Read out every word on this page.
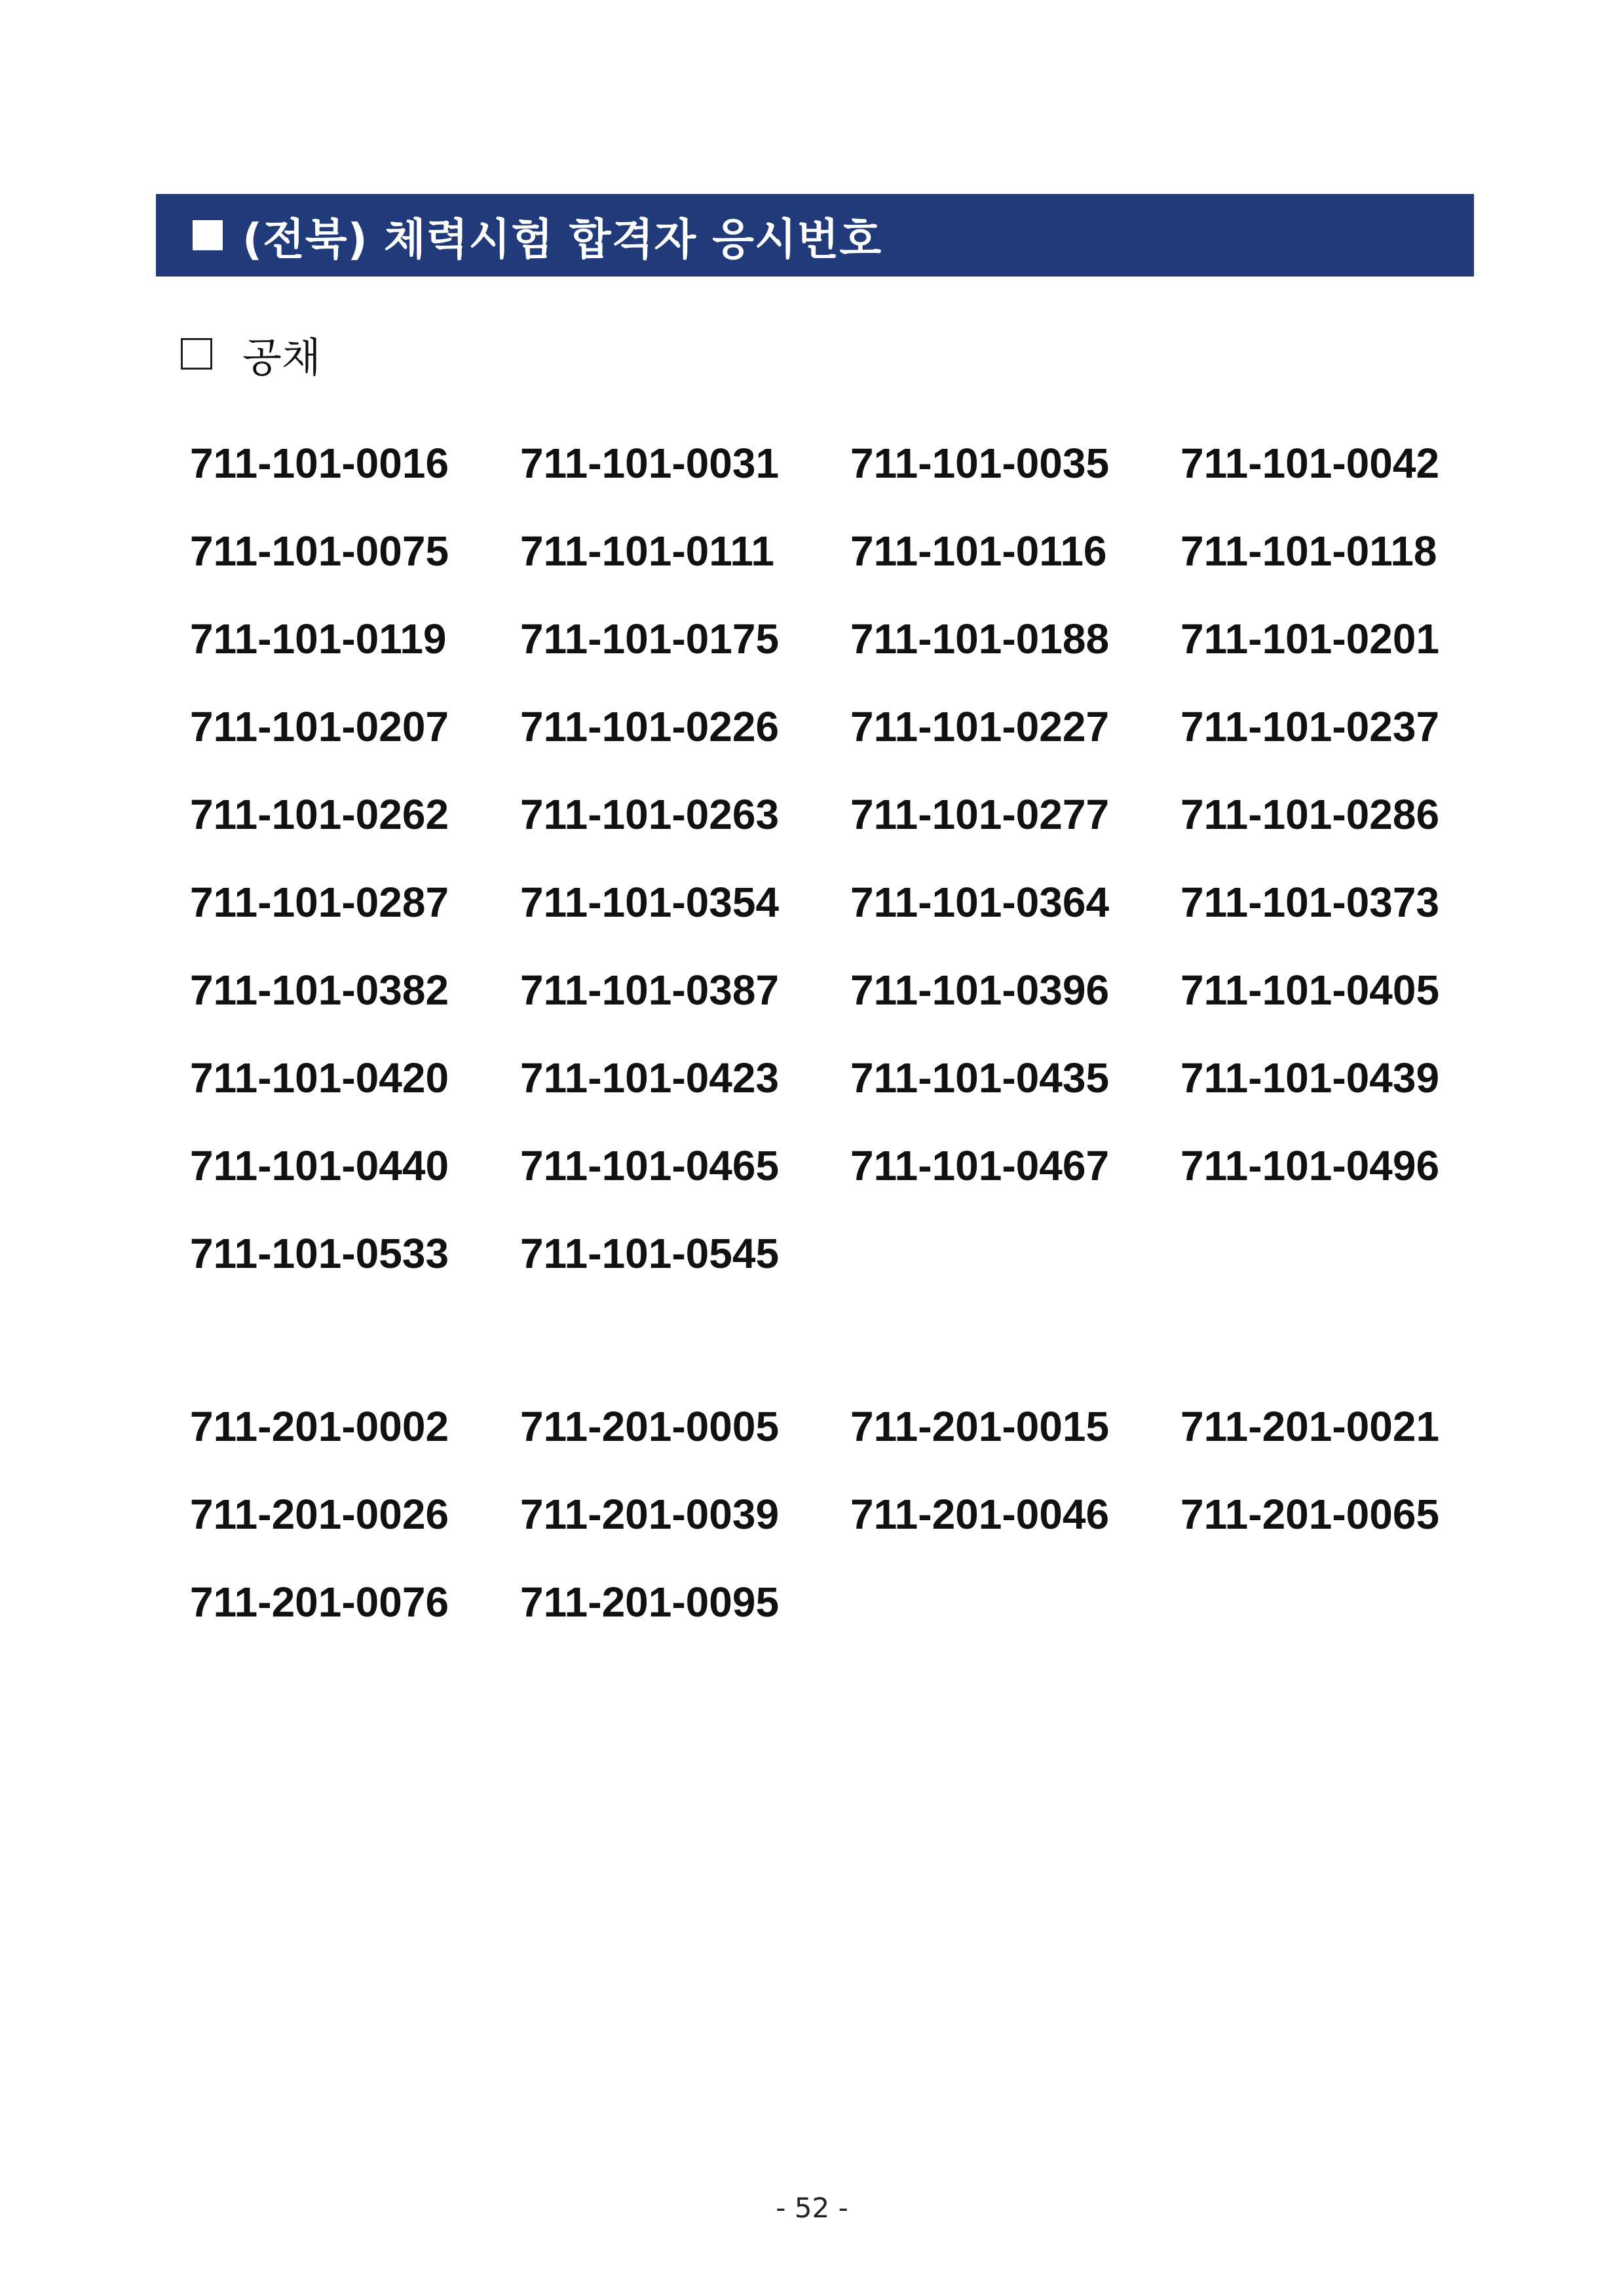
(전북) 체력시험 합격자 응시번호
공채
711-101-0016	711-101-0031	711-101-0035	711-101-0042
711-101-0075	711-101-0111	711-101-0116	711-101-0118
711-101-0119	711-101-0175	711-101-0188	711-101-0201
711-101-0207	711-101-0226	711-101-0227	711-101-0237
711-101-0262	711-101-0263	711-101-0277	711-101-0286
711-101-0287	711-101-0354	711-101-0364	711-101-0373
711-101-0382	711-101-0387	711-101-0396	711-101-0405
711-101-0420	711-101-0423	711-101-0435	711-101-0439
711-101-0440	711-101-0465	711-101-0467	711-101-0496
711-101-0533	711-101-0545
711-201-0002	711-201-0005	711-201-0015	711-201-0021
711-201-0026	711-201-0039	711-201-0046	711-201-0065
711-201-0076	711-201-0095
- 52 -
